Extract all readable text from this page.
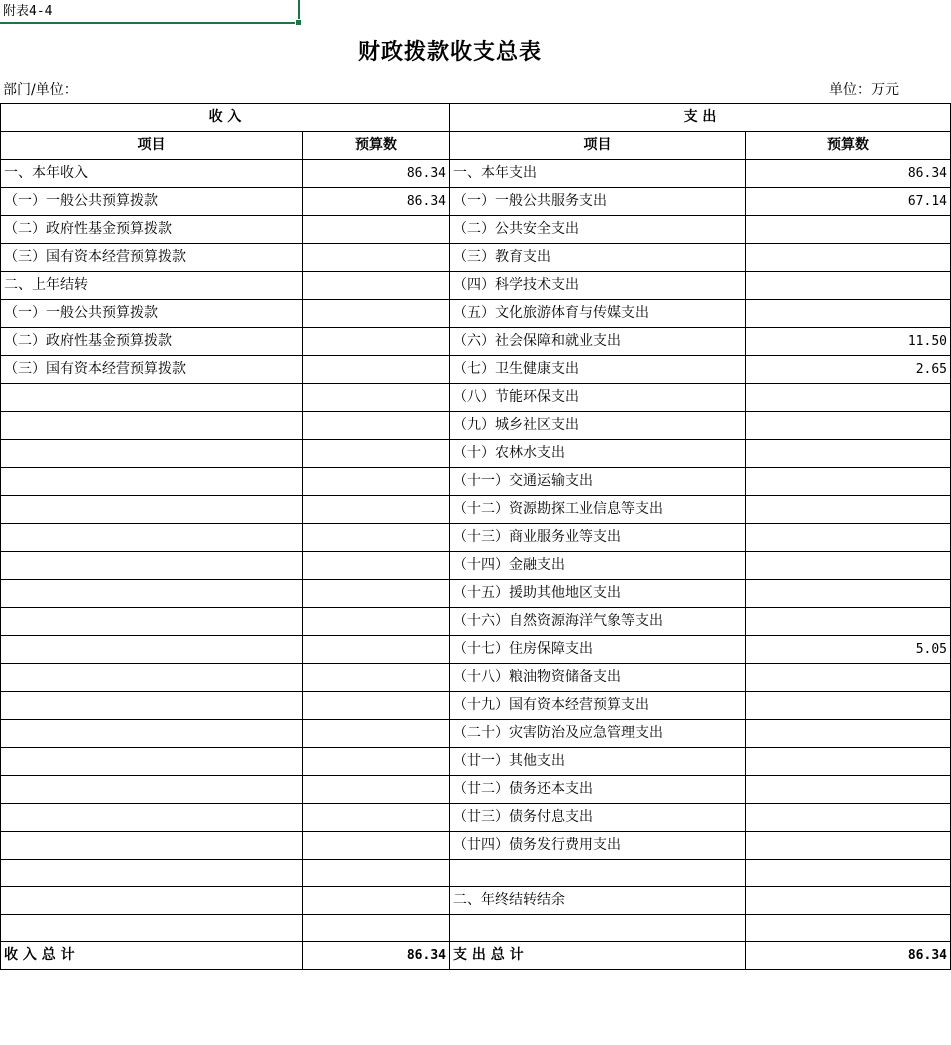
附表4-4
财政拨款收支总表
部门/单位：	单位：万元
收 入		支 出	
项目	预算数	项目	预算数
一、本年收入	86.34	一、本年支出	86.34
（一）一般公共预算拨款	86.34	（一）一般公共服务支出	67.14
（二）政府性基金预算拨款		（二）公共安全支出	
（三）国有资本经营预算拨款		（三）教育支出	
二、上年结转		（四）科学技术支出	
（一）一般公共预算拨款		（五）文化旅游体育与传媒支出	
（二）政府性基金预算拨款		（六）社会保障和就业支出	11.50
（三）国有资本经营预算拨款		（七）卫生健康支出	2.65
		（八）节能环保支出	
		（九）城乡社区支出	
		（十）农林水支出	
		（十一）交通运输支出	
		（十二）资源勘探工业信息等支出	
		（十三）商业服务业等支出	
		（十四）金融支出	
		（十五）援助其他地区支出	
		（十六）自然资源海洋气象等支出	
		（十七）住房保障支出	5.05
		（十八）粮油物资储备支出	
		（十九）国有资本经营预算支出	
		（二十）灾害防治及应急管理支出	
		（廿一）其他支出	
		（廿二）债务还本支出	
		（廿三）债务付息支出	
		（廿四）债务发行费用支出	

		二、年终结转结余	

收 入 总 计	86.34	支 出 总 计	86.34
